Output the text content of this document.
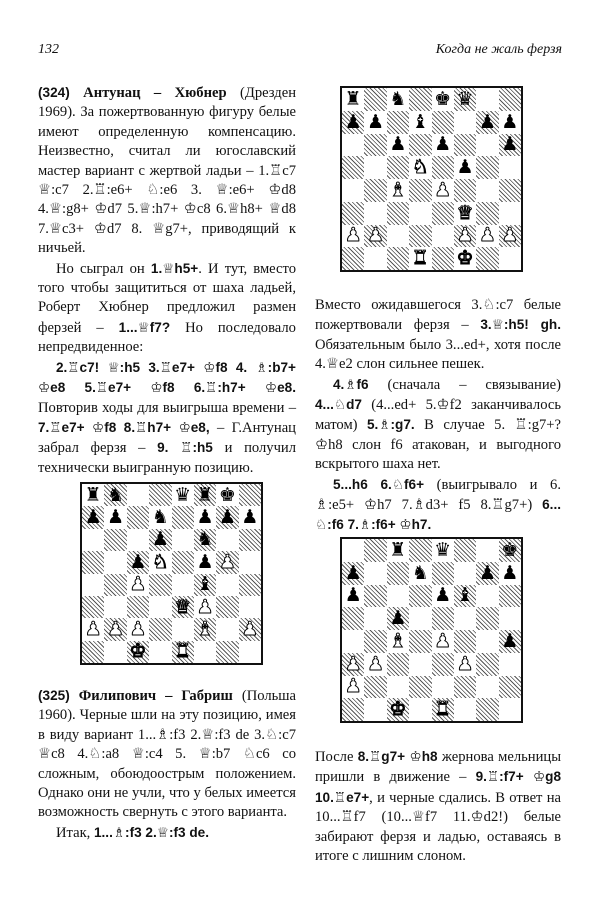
132	Когда не жаль ферзя

(324) Антунац – Хюбнер (Дрезден 1969). За пожертвованную фигуру белые имеют определенную компенсацию. Неизвестно, считал ли югославский мастер вариант с жертвой ладьи – 1.♖c7 ♕:c7 2.♖:e6+ ♘:e6 3. ♕:e6+ ♔d8 4.♕:g8+ ♔d7 5.♕:h7+ ♔c8 6.♕h8+ ♕d8 7.♕c3+ ♔d7 8. ♕g7+, приводящий к ничьей.

Но сыграл он 1.♕h5+. И тут, вместо того чтобы защититься от шаха ладьей, Роберт Хюбнер предложил размен ферзей – 1...♕f7? Но последовало непредвиденное:

2.♖c7! ♕:h5 3.♖e7+ ♔f8 4. ♗:b7+ ♔e8 5.♖e7+ ♔f8 6.♖:h7+ ♔e8. Повторив ходы для выигрыша времени – 7.♖e7+ ♔f8 8.♖h7+ ♔e8, – Г.Антунац забрал ферзя – 9. ♖:h5 и получил технически выигранную позицию.

♜ ♞	♛ ♜ ♚
♟ ♟ ♞ ♟ ♟ ♟
♟ ♞
♟ ♞ ♟ ♟
♟	♝
♛ ♟
♟ ♟ ♟	♝ ♟
♚ ♜

(325) Филипович – Габриш (Польша 1960). Черные шли на эту позицию, имея в виду вариант 1...♗:f3 2.♕:f3 de 3.♘:c7 ♕c8 4.♘:a8 ♕:c4 5. ♕:b7 ♘c6 со сложным, обоюдоострым положением. Однако они не учли, что у белых имеется возможность свернуть с этого варианта.

Итак, 1...♗:f3 2.♕:f3 de.

♜ ♞ ♚ ♛
♟ ♟ ♝	♟ ♟
♟ ♟	♟
♞ ♟
♝ ♟
♛
♟ ♟	♟ ♟ ♟
♜ ♚

Вместо ожидавшегося 3.♘:c7 белые пожертвовали ферзя – 3.♕:h5! gh. Обязательным было 3...ed+, хотя после 4.♕e2 слон сильнее пешек.

4.♗f6 (сначала – связывание) 4...♘d7 (4...ed+ 5.♔f2 заканчивалось матом) 5.♗:g7. В случае 5. ♖:g7+? ♔h8 слон f6 атакован, и выгодного вскрытого шаха нет.

5...h6 6.♘f6+ (выигрывало и 6. ♗:e5+ ♔h7 7.♗d3+ f5 8.♖g7+) 6... ♘:f6 7.♗:f6+ ♔h7.

♜ ♛	♚
♟	♞	♟ ♟
♟	♟ ♝
♟
♝ ♟	♟
♟ ♟	♟
♟
♚ ♜

После 8.♖g7+ ♔h8 жернова мельницы пришли в движение – 9.♖:f7+ ♔g8 10.♖e7+, и черные сдались. В ответ на 10...♖f7 (10...♕f7 11.♔d2!) белые забирают ферзя и ладью, оставаясь в итоге с лишним слоном.
